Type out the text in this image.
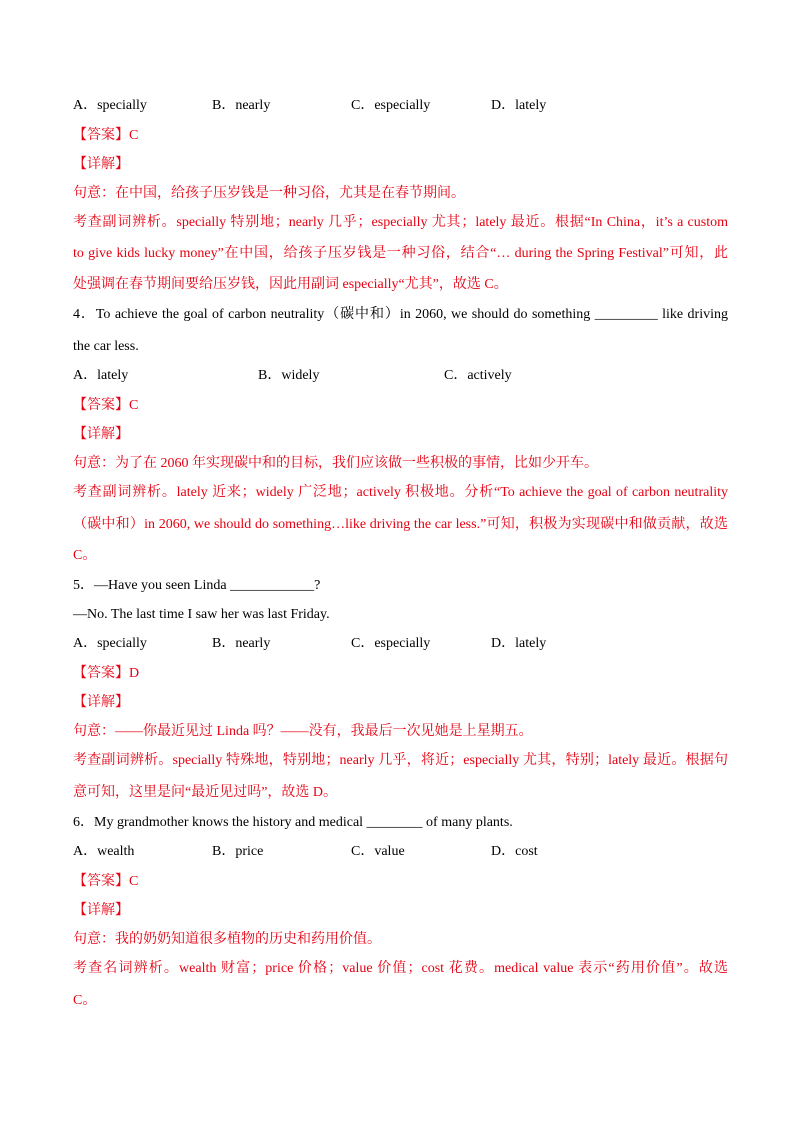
A．specially	B．nearly	C．especially	D．lately
【答案】C
【详解】
句意：在中国，给孩子压岁钱是一种习俗，尤其是在春节期间。
考查副词辨析。specially 特别地；nearly 几乎；especially 尤其；lately 最近。根据“In China，it’s a custom
to give kids lucky money”在中国，给孩子压岁钱是一种习俗，结合“… during the Spring Festival”可知，此
处强调在春节期间要给压岁钱，因此用副词 especially“尤其”，故选 C。
4．To achieve the goal of carbon neutrality（碳中和）in 2060, we should do something _________ like driving
the car less.
A．lately	B．widely	C．actively
【答案】C
【详解】
句意：为了在 2060 年实现碳中和的目标，我们应该做一些积极的事情，比如少开车。
考查副词辨析。lately 近来；widely 广泛地；actively 积极地。分析“To achieve the goal of carbon neutrality
（碳中和）in 2060, we should do something…like driving the car less.”可知，积极为实现碳中和做贡献，故选
C。
5．—Have you seen Linda ____________?
—No. The last time I saw her was last Friday.
A．specially	B．nearly	C．especially	D．lately
【答案】D
【详解】
句意：——你最近见过 Linda 吗？——没有，我最后一次见她是上星期五。
考查副词辨析。specially 特殊地，特别地；nearly 几乎，将近；especially 尤其，特别；lately 最近。根据句
意可知，这里是问“最近见过吗”，故选 D。
6．My grandmother knows the history and medical ________ of many plants.
A．wealth	B．price	C．value	D．cost
【答案】C
【详解】
句意：我的奶奶知道很多植物的历史和药用价值。
考查名词辨析。wealth 财富；price 价格；value 价值；cost 花费。medical value 表示“药用价值”。故选
C。
